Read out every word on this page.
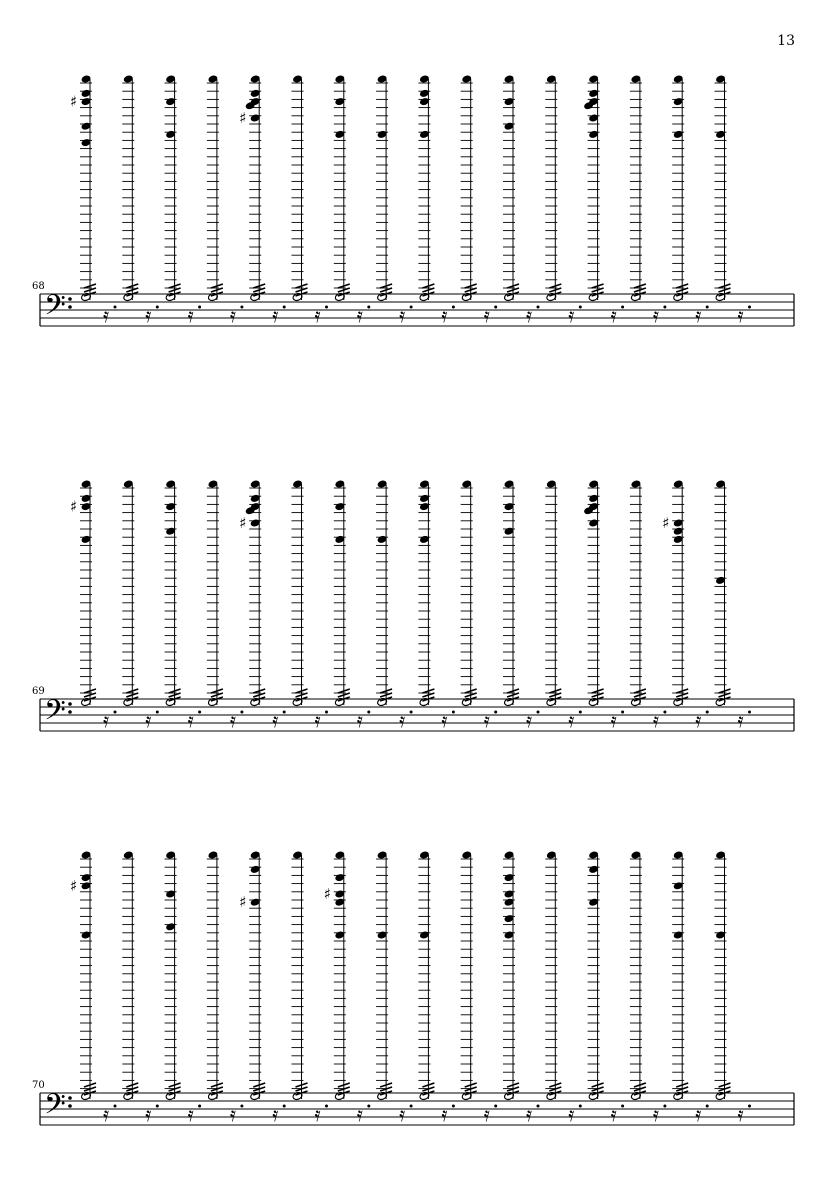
13
68
69
70
𝄢
♯
𝄿 𝄿 𝄿 𝄿
♯
𝄿 𝄿 𝄿 𝄿 𝄿 𝄿 𝄿 𝄿 𝄿 𝄿 𝄿 𝄿
𝄢
♯
𝄿 𝄿 𝄿 𝄿
♯
𝄿 𝄿 𝄿 𝄿 𝄿 𝄿 𝄿 𝄿 𝄿 𝄿
♯
𝄿 𝄿
𝄢
♯
𝄿 𝄿 𝄿 𝄿
♯
𝄿 𝄿
♯
𝄿 𝄿 𝄿 𝄿 𝄿 𝄿 𝄿 𝄿 𝄿 𝄿
